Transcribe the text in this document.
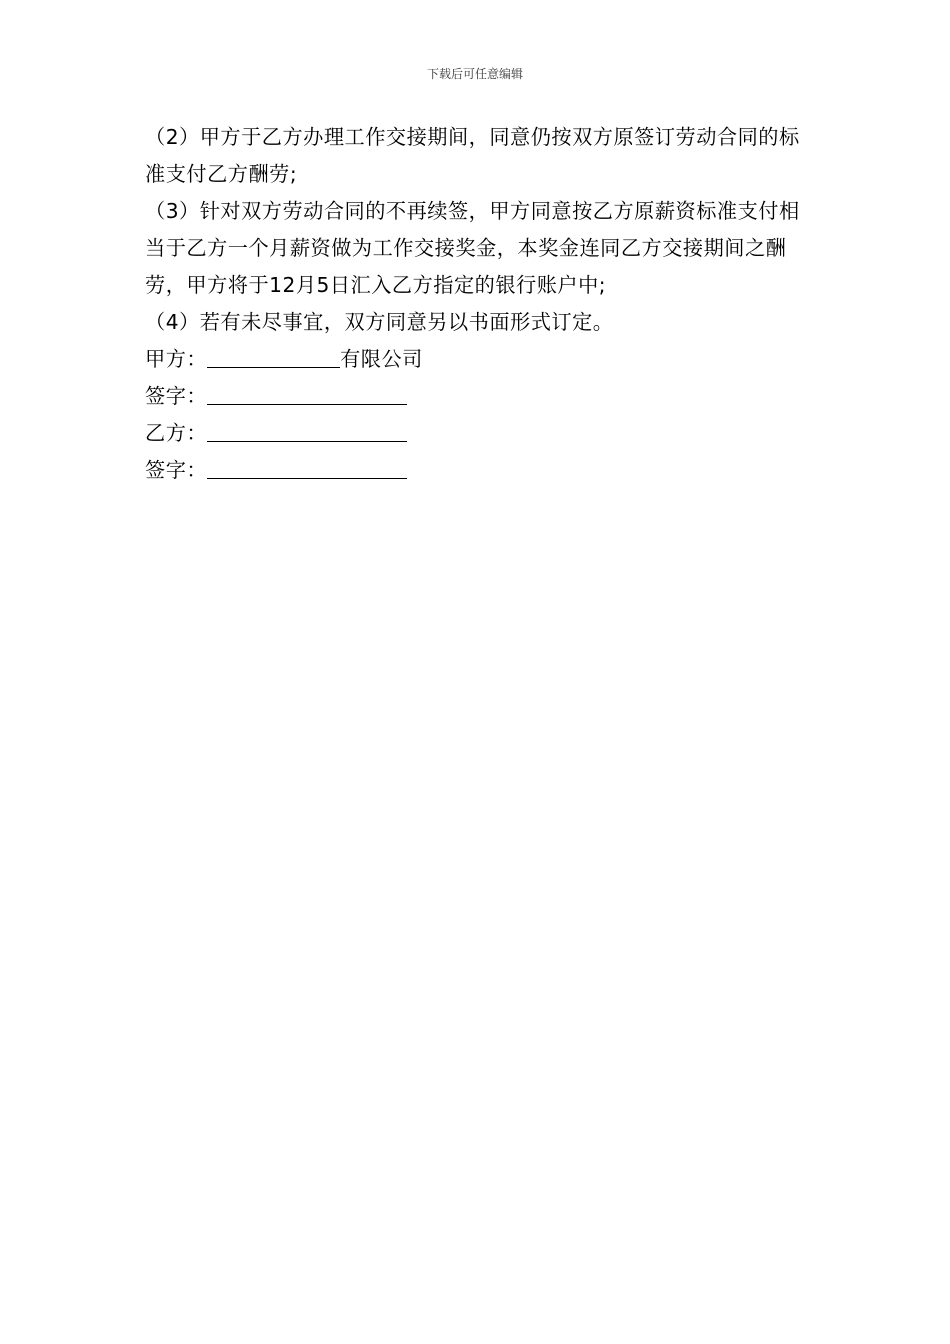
下载后可任意编辑

（2）甲方于乙方办理工作交接期间，同意仍按双方原签订劳动合同的标准支付乙方酬劳;

（3）针对双方劳动合同的不再续签，甲方同意按乙方原薪资标准支付相当于乙方一个月薪资做为工作交接奖金，本奖金连同乙方交接期间之酬劳，甲方将于12月5日汇入乙方指定的银行账户中;

（4）若有未尽事宜，双方同意另以书面形式订定。

甲方：	有限公司

签字：

乙方：

签字：
